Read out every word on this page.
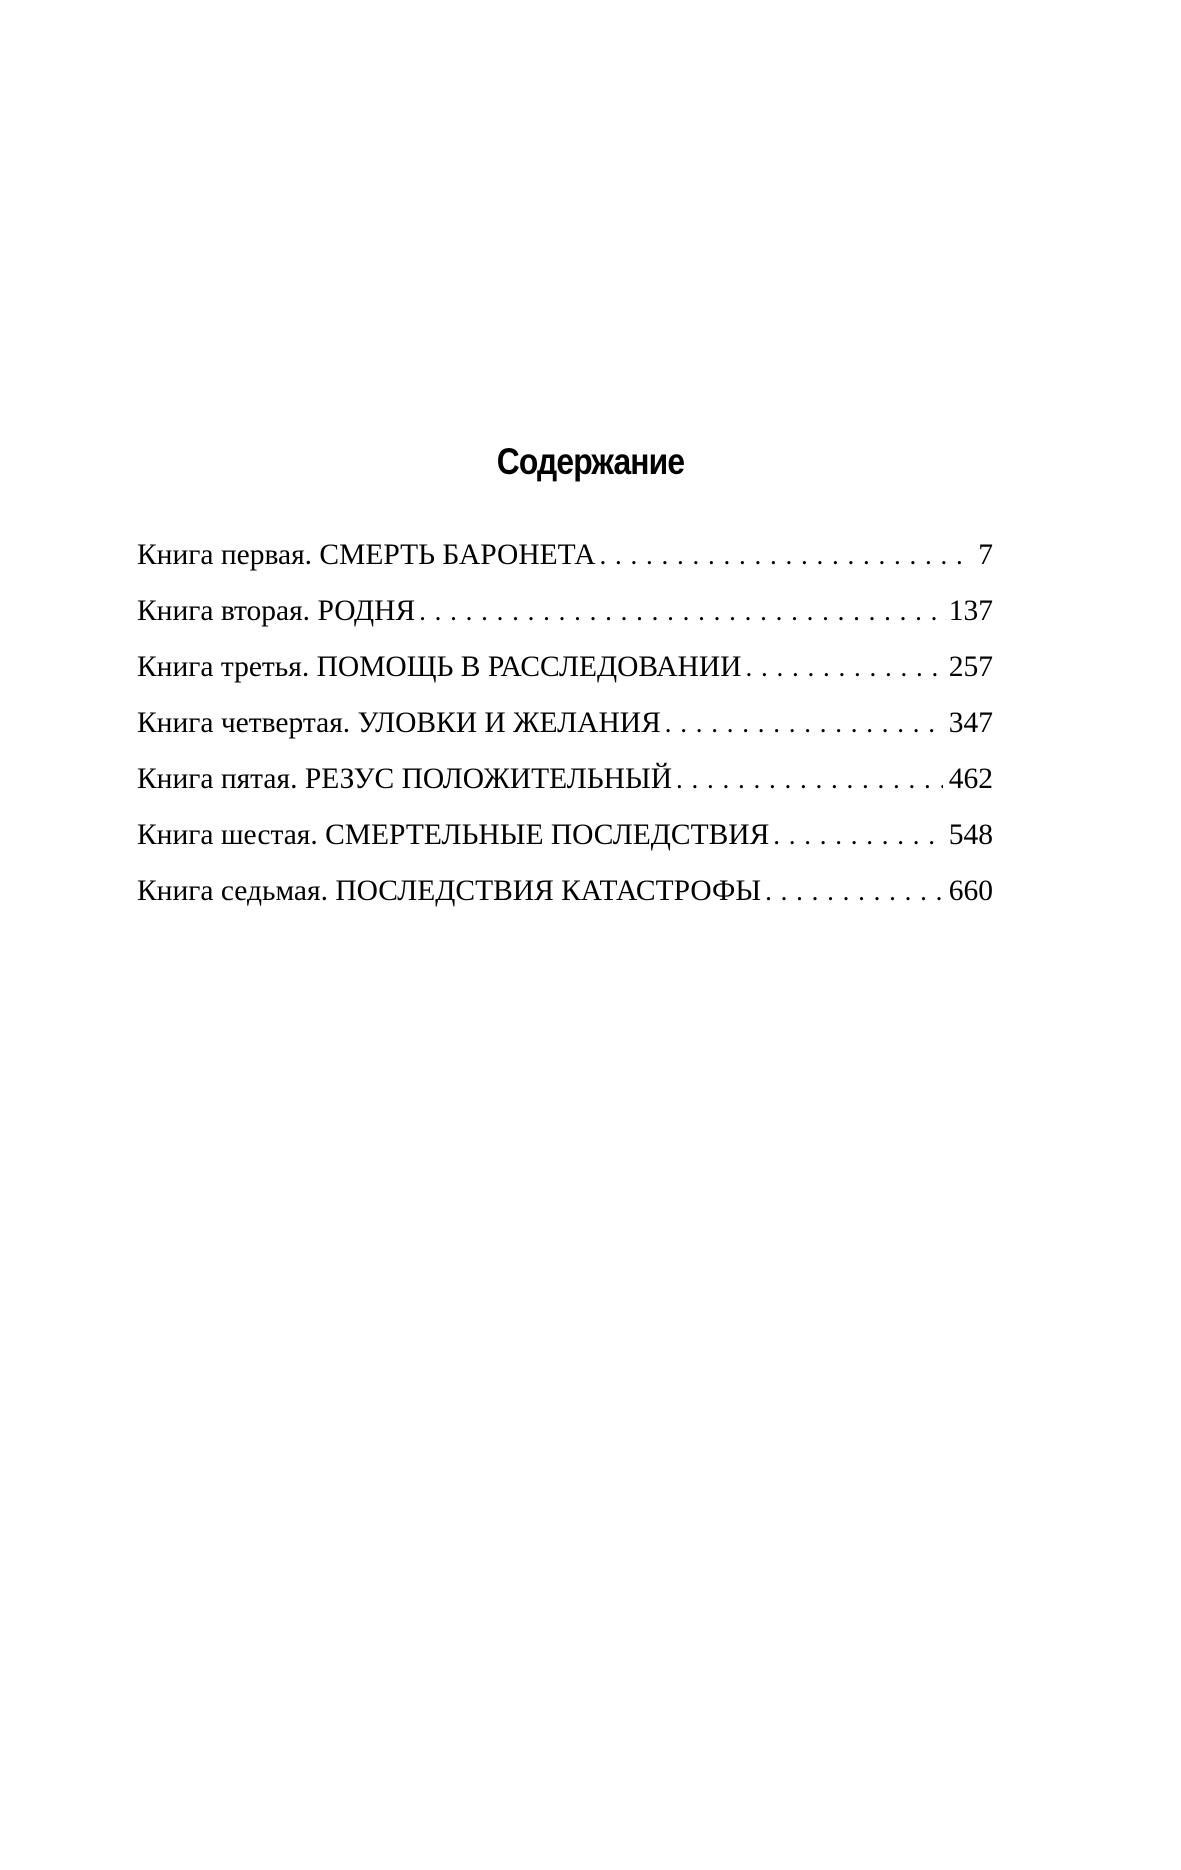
Содержание
Книга первая.
СМЕРТЬ БАРОНЕТА . . .	7
Книга вторая.
РОДНЯ . . .	137
Книга третья.
ПОМОЩЬ В РАССЛЕДОВАНИИ . . .	257
Книга четвертая.
УЛОВКИ И ЖЕЛАНИЯ . . .	347
Книга пятая.
РЕЗУС ПОЛОЖИТЕЛЬНЫЙ . . .	462
Книга шестая.
СМЕРТЕЛЬНЫЕ ПОСЛЕДСТВИЯ . . .	548
Книга седьмая.
ПОСЛЕДСТВИЯ КАТАСТРОФЫ . . .	660
